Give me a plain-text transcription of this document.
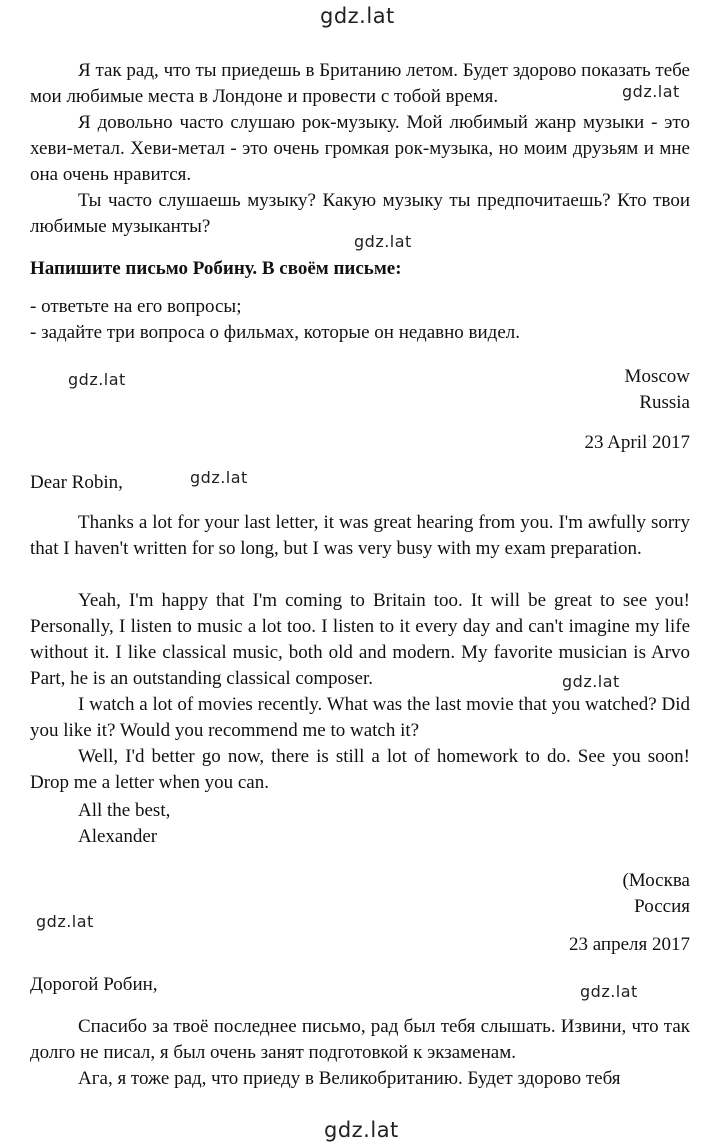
gdz.lat
gdz.lat
gdz.lat
gdz.lat
gdz.lat
gdz.lat
gdz.lat
gdz.lat
gdz.lat
Я так рад, что ты приедешь в Британию летом. Будет здорово показать тебе мои любимые места в Лондоне и провести с тобой время.
Я довольно часто слушаю рок-музыку. Мой любимый жанр музыки - это хеви-метал. Хеви-метал - это очень громкая рок-музыка, но моим друзьям и мне она очень нравится.
Ты часто слушаешь музыку? Какую музыку ты предпочитаешь? Кто твои любимые музыканты?
Напишите письмо Робину. В своём письме:
- ответьте на его вопросы;
- задайте три вопроса о фильмах, которые он недавно видел.
Moscow
Russia
23 April 2017
Dear Robin,
Thanks a lot for your last letter, it was great hearing from you. I'm awfully sorry that I haven't written for so long, but I was very busy with my exam preparation.
Yeah, I'm happy that I'm coming to Britain too. It will be great to see you! Personally, I listen to music a lot too. I listen to it every day and can't imagine my life without it. I like classical music, both old and modern. My favorite musician is Arvo Part, he is an outstanding classical composer.
I watch a lot of movies recently. What was the last movie that you watched? Did you like it? Would you recommend me to watch it?
Well, I'd better go now, there is still a lot of homework to do. See you soon! Drop me a letter when you can.
All the best,
Alexander
(Москва
Россия
23 апреля 2017
Дорогой Робин,
Спасибо за твоё последнее письмо, рад был тебя слышать. Извини, что так долго не писал, я был очень занят подготовкой к экзаменам.
Ага, я тоже рад, что приеду в Великобританию. Будет здорово тебя
